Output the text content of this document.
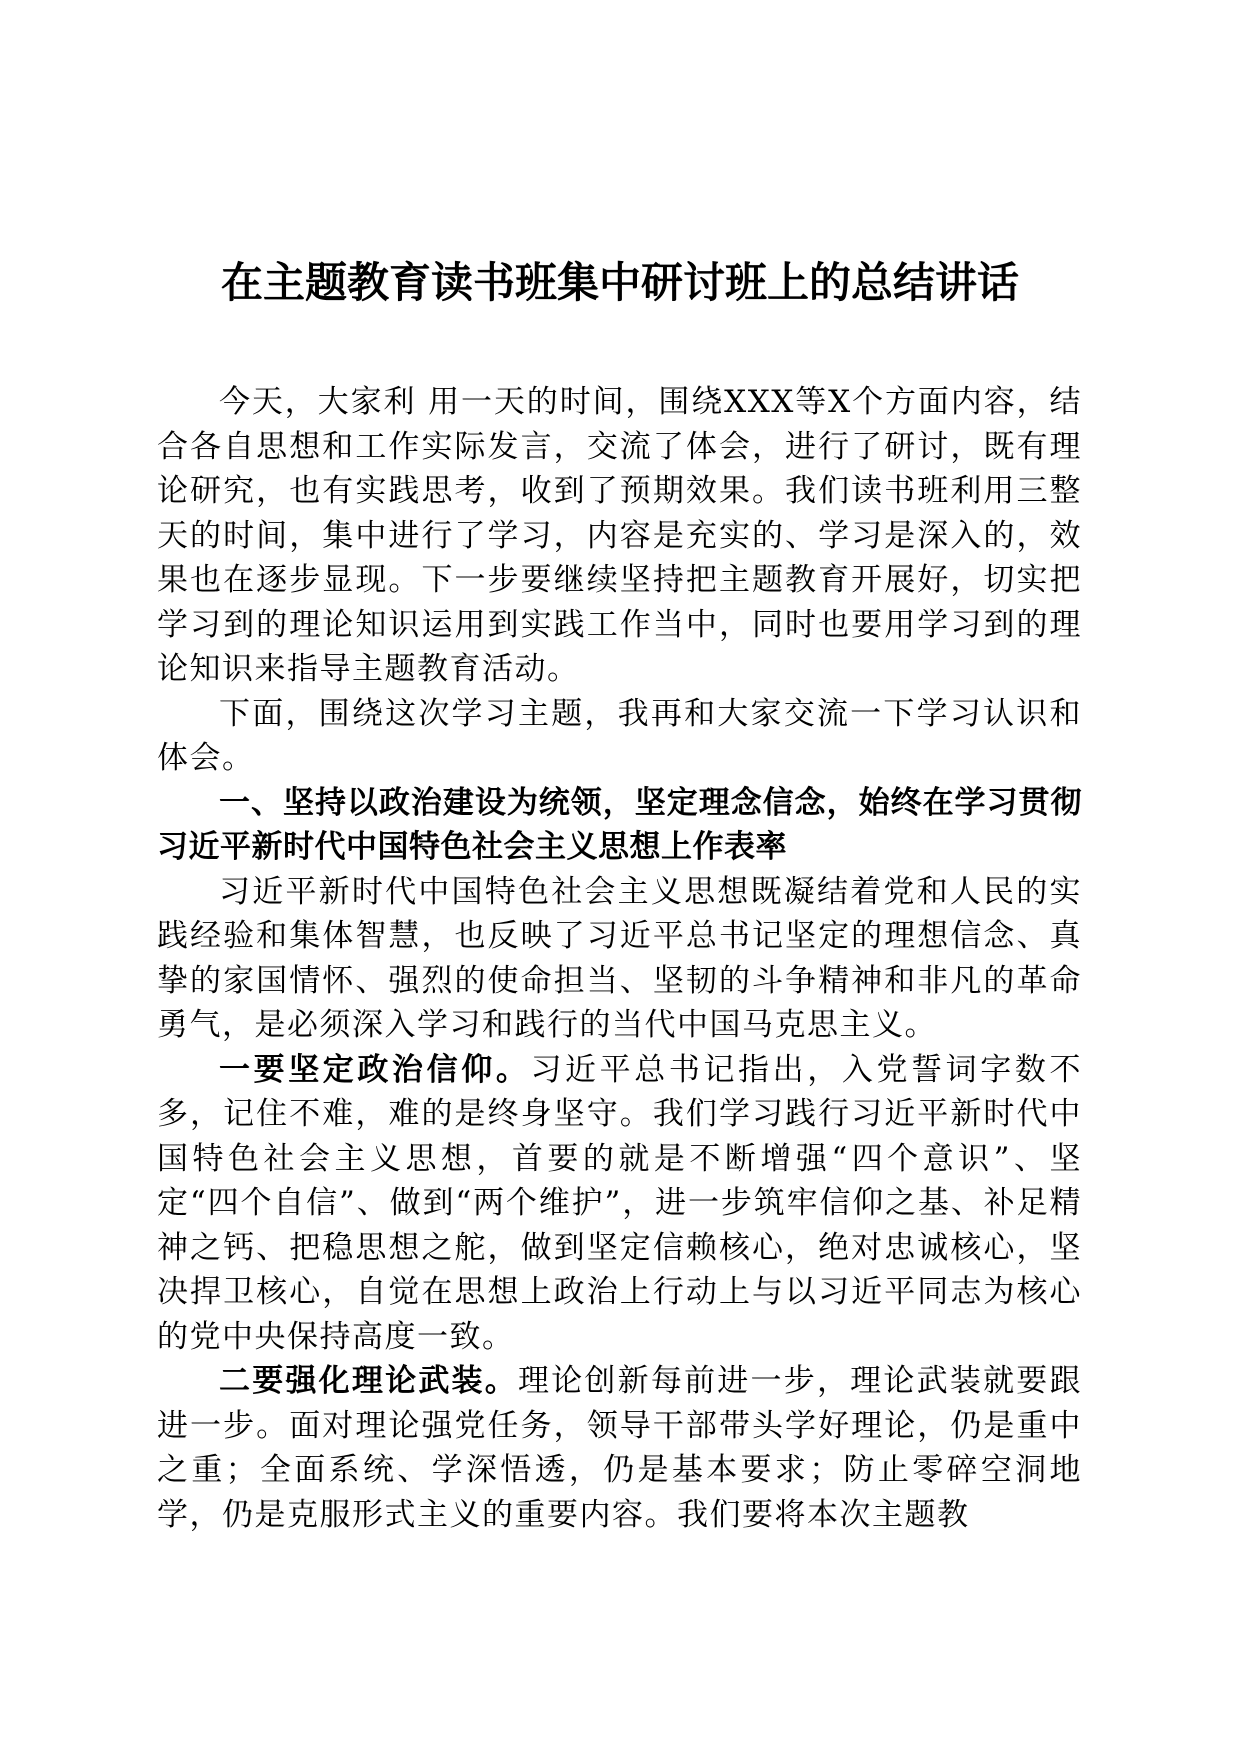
在主题教育读书班集中研讨班上的总结讲话

今天，大家利 用一天的时间，围绕XXX等X个方面内容，结合各自思想和工作实际发言，交流了体会，进行了研讨，既有理论研究，也有实践思考，收到了预期效果。我们读书班利用三整天的时间，集中进行了学习，内容是充实的、学习是深入的，效果也在逐步显现。下一步要继续坚持把主题教育开展好，切实把学习到的理论知识运用到实践工作当中，同时也要用学习到的理论知识来指导主题教育活动。

下面，围绕这次学习主题，我再和大家交流一下学习认识和体会。

一、坚持以政治建设为统领，坚定理念信念，始终在学习贯彻习近平新时代中国特色社会主义思想上作表率

习近平新时代中国特色社会主义思想既凝结着党和人民的实践经验和集体智慧，也反映了习近平总书记坚定的理想信念、真挚的家国情怀、强烈的使命担当、坚韧的斗争精神和非凡的革命勇气，是必须深入学习和践行的当代中国马克思主义。

一要坚定政治信仰。习近平总书记指出，入党誓词字数不多，记住不难，难的是终身坚守。我们学习践行习近平新时代中国特色社会主义思想，首要的就是不断增强“四个意识”、坚定“四个自信”、做到“两个维护”，进一步筑牢信仰之基、补足精神之钙、把稳思想之舵，做到坚定信赖核心，绝对忠诚核心，坚决捍卫核心，自觉在思想上政治上行动上与以习近平同志为核心的党中央保持高度一致。

二要强化理论武装。理论创新每前进一步，理论武装就要跟进一步。面对理论强党任务，领导干部带头学好理论，仍是重中之重；全面系统、学深悟透，仍是基本要求；防止零碎空洞地学，仍是克服形式主义的重要内容。我们要将本次主题教
